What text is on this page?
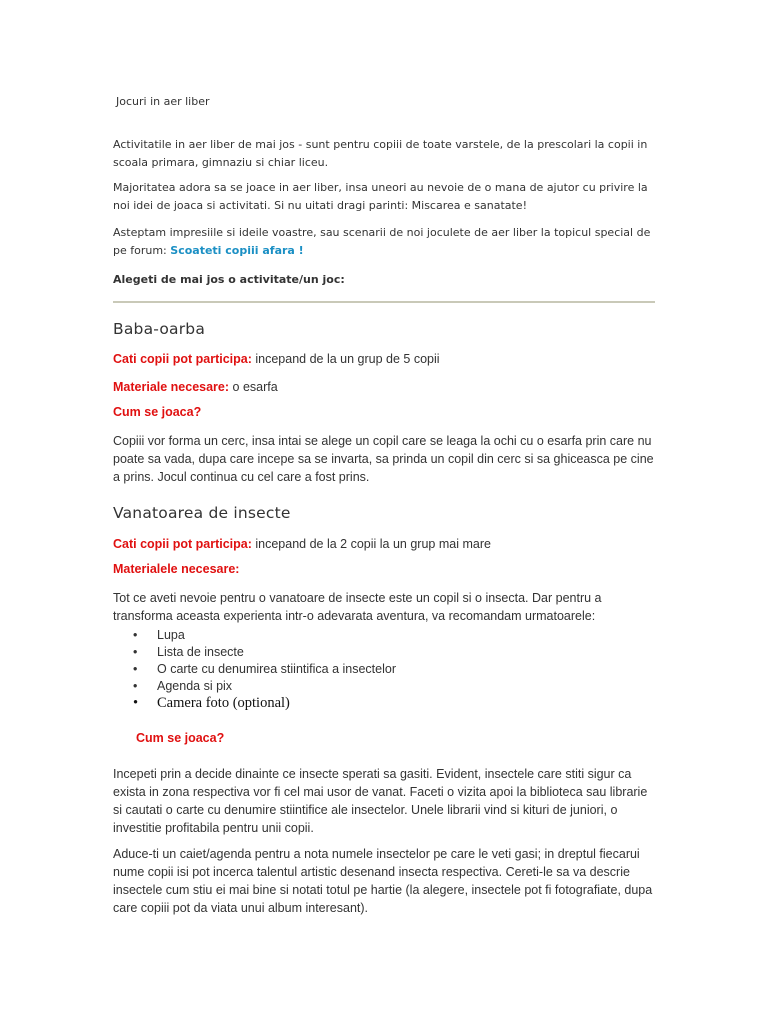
Jocuri in aer liber
Activitatile in aer liber de mai jos - sunt pentru copiii de toate varstele, de la prescolari la copii in scoala primara, gimnaziu si chiar liceu.
Majoritatea adora sa se joace in aer liber, insa uneori au nevoie de o mana de ajutor cu privire la noi idei de joaca si activitati. Si nu uitati dragi parinti: Miscarea e sanatate!
Asteptam impresiile si ideile voastre, sau scenarii de noi joculete de aer liber la topicul special de pe forum: Scoateti copiii afara !
Alegeti de mai jos o activitate/un joc:
Baba-oarba
Cati copii pot participa: incepand de la un grup de 5 copii
Materiale necesare: o esarfa
Cum se joaca?
Copiii vor forma un cerc, insa intai se alege un copil care se leaga la ochi cu o esarfa prin care nu poate sa vada, dupa care incepe sa se invarta, sa prinda un copil din cerc si sa ghiceasca pe cine a prins. Jocul continua cu cel care a fost prins.
Vanatoarea de insecte
Cati copii pot participa: incepand de la 2 copii la un grup mai mare
Materialele necesare:
Tot ce aveti nevoie pentru o vanatoare de insecte este un copil si o insecta. Dar pentru a transforma aceasta experienta intr-o adevarata aventura, va recomandam urmatoarele:
• Lupa
• Lista de insecte
• O carte cu denumirea stiintifica a insectelor
• Agenda si pix
• Camera foto (optional)
Cum se joaca?
Incepeti prin a decide dinainte ce insecte sperati sa gasiti. Evident, insectele care stiti sigur ca exista in zona respectiva vor fi cel mai usor de vanat. Faceti o vizita apoi la biblioteca sau librarie si cautati o carte cu denumire stiintifice ale insectelor. Unele librarii vind si kituri de juniori, o investitie profitabila pentru unii copii.
Aduce-ti un caiet/agenda pentru a nota numele insectelor pe care le veti gasi; in dreptul fiecarui nume copii isi pot incerca talentul artistic desenand insecta respectiva. Cereti-le sa va descrie insectele cum stiu ei mai bine si notati totul pe hartie (la alegere, insectele pot fi fotografiate, dupa care copiii pot da viata unui album interesant).
